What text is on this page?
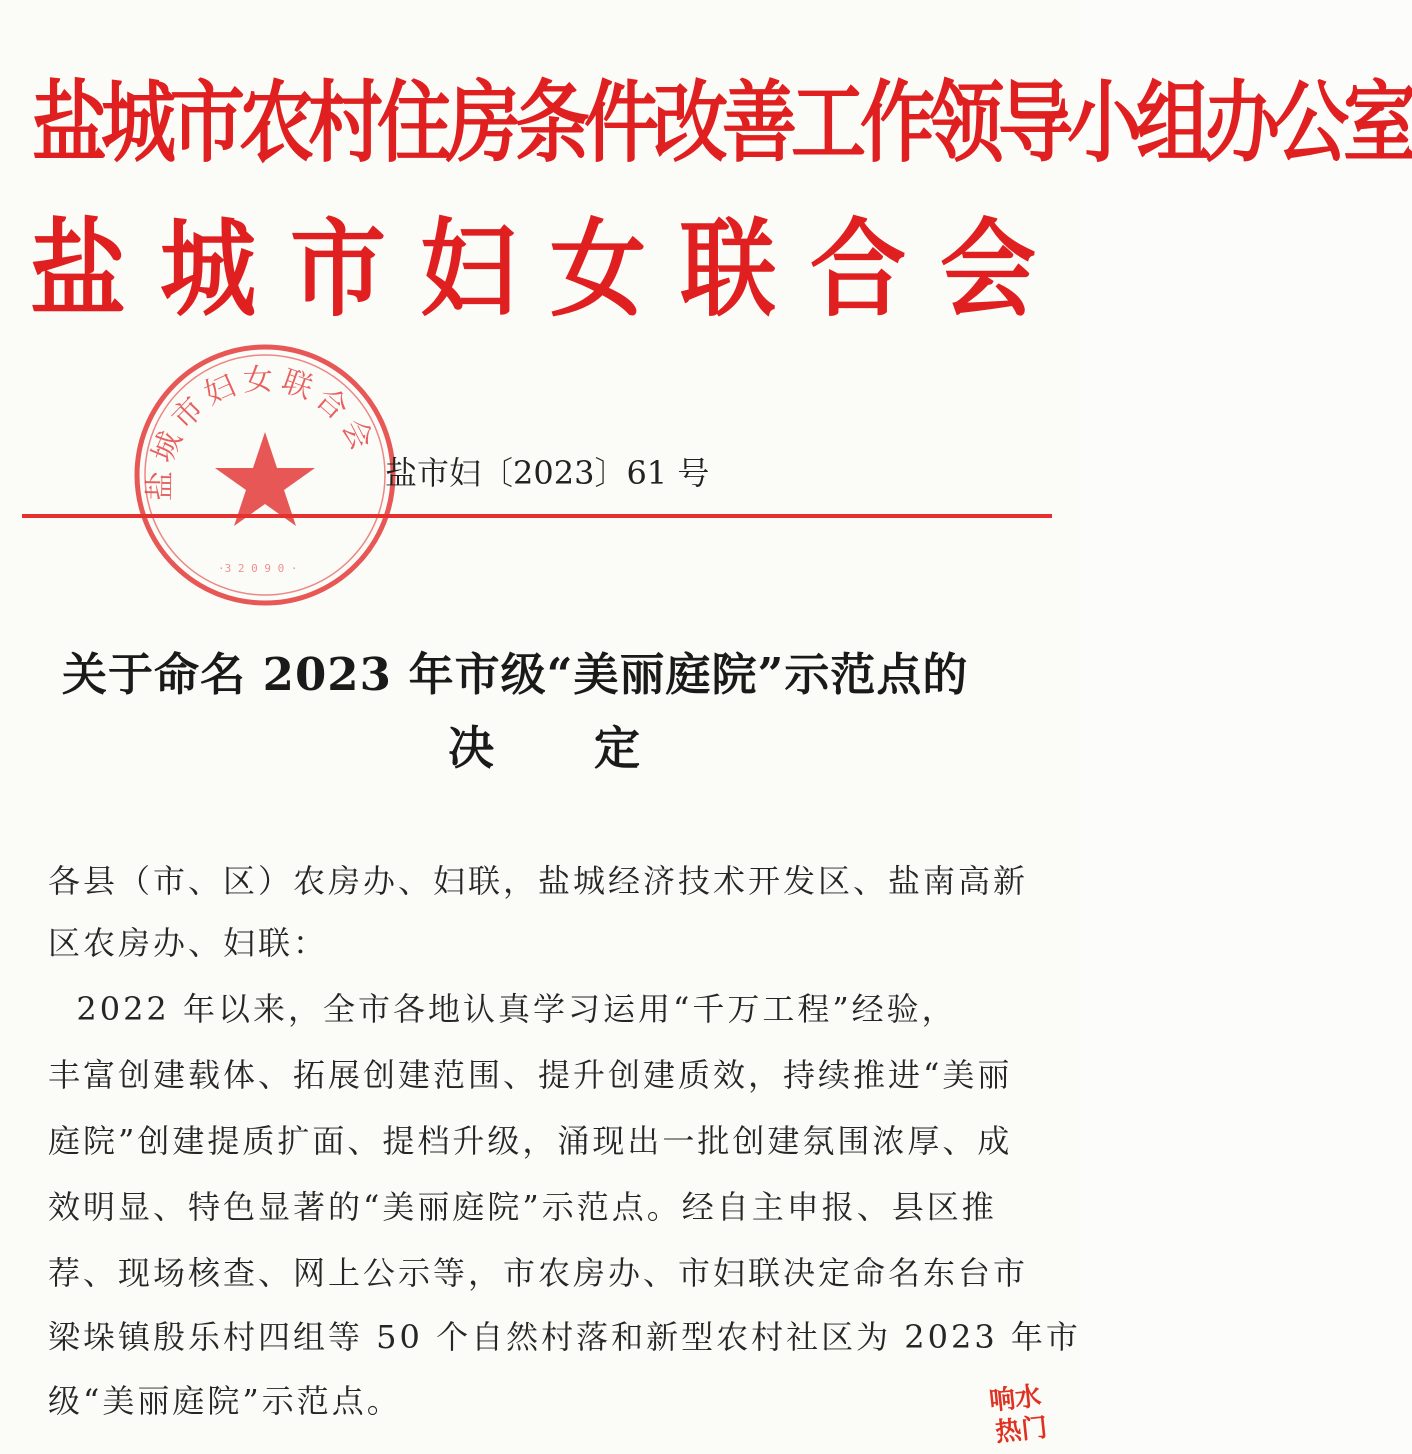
盐城市农村住房条件改善工作领导小组办公室
盐城市妇女联合会
盐城市妇女联合会
·3 2 0 9 0 ·
盐市妇〔2023〕61 号
关于命名 2023 年市级“美丽庭院”示范点的
决定
各县（市、区）农房办、妇联，盐城经济技术开发区、盐南高新
区农房办、妇联：
2022 年以来，全市各地认真学习运用“千万工程”经验，
丰富创建载体、拓展创建范围、提升创建质效，持续推进“美丽
庭院”创建提质扩面、提档升级，涌现出一批创建氛围浓厚、成
效明显、特色显著的“美丽庭院”示范点。经自主申报、县区推
荐、现场核查、网上公示等，市农房办、市妇联决定命名东台市
梁垛镇殷乐村四组等 50 个自然村落和新型农村社区为 2023 年市
级“美丽庭院”示范点。	响水
热门
